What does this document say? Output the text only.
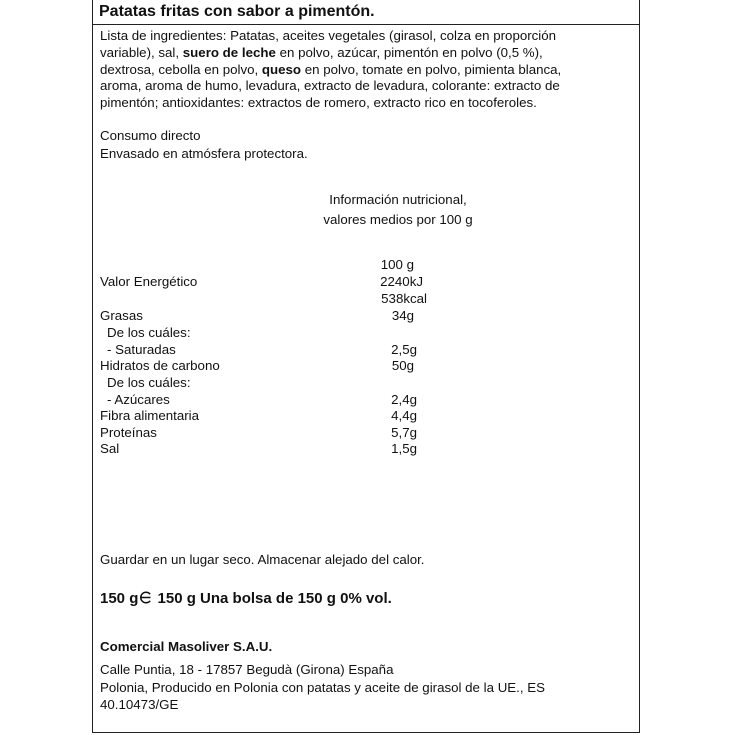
Patatas fritas con sabor a pimentón.
Lista de ingredientes: Patatas, aceites vegetales (girasol, colza en proporción
variable), sal, suero de leche en polvo, azúcar, pimentón en polvo (0,5 %),
dextrosa, cebolla en polvo, queso en polvo, tomate en polvo, pimienta blanca,
aroma, aroma de humo, levadura, extracto de levadura, colorante: extracto de
pimentón; antioxidantes: extractos de romero, extracto rico en tocoferoles.
Consumo directo
Envasado en atmósfera protectora.
Información nutricional,
valores medios por 100 g
100 g
Valor Energético	2240kJ
538kcal
Grasas	34g
De los cuáles:
- Saturadas	2,5g
Hidratos de carbono	50g
De los cuáles:
- Azúcares	2,4g
Fibra alimentaria	4,4g
Proteínas	5,7g
Sal	1,5g
Guardar en un lugar seco. Almacenar alejado del calor.
150 g 150 g Una bolsa de 150 g 0% vol.
Comercial Masoliver S.A.U.
Calle Puntia, 18 - 17857 Begudà (Girona) España
Polonia, Producido en Polonia con patatas y aceite de girasol de la UE., ES
40.10473/GE
